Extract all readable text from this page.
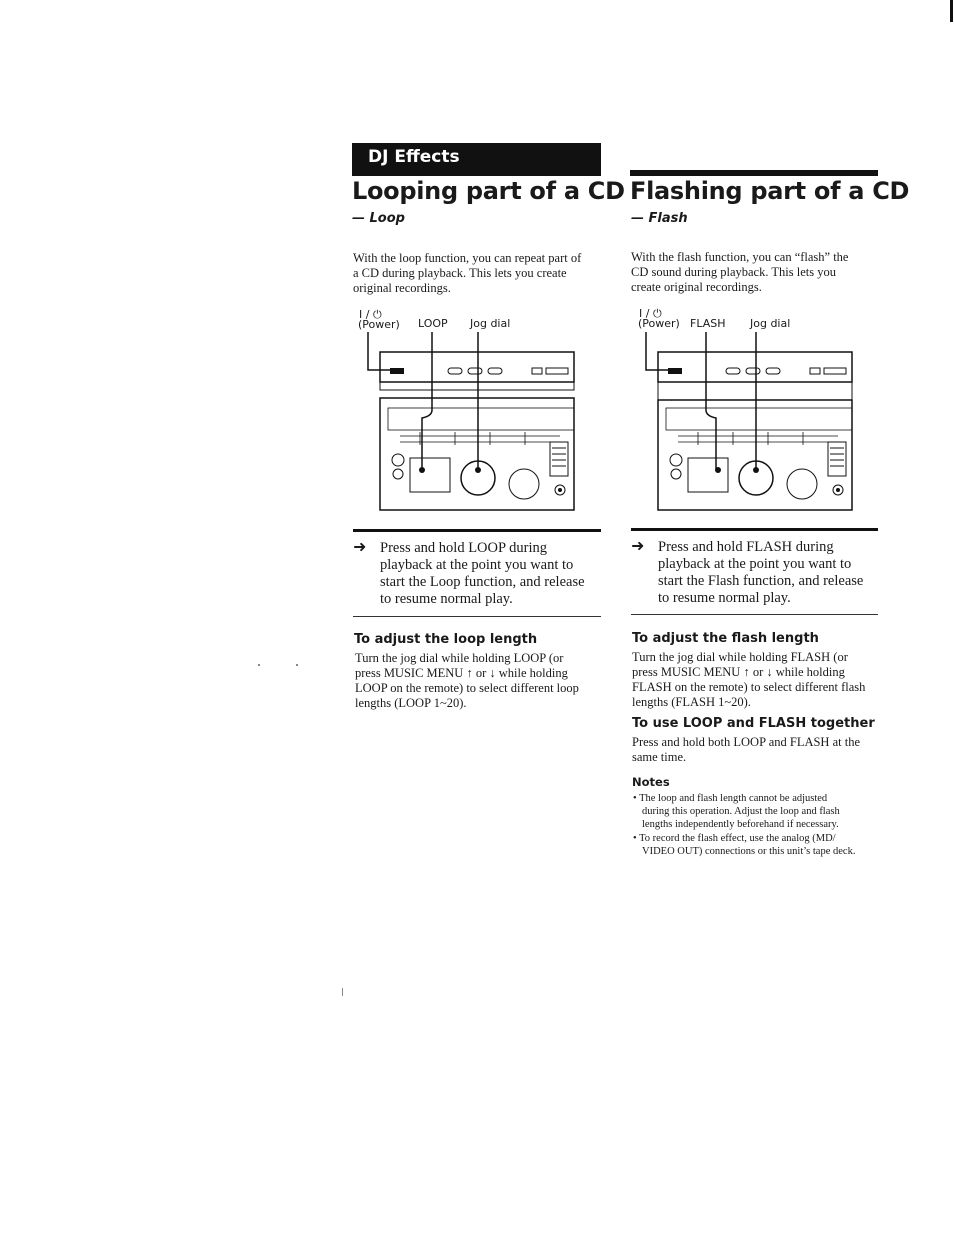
DJ Effects
Looping part of a CD
— Loop
With the loop function, you can repeat part of
a CD during playback. This lets you create
original recordings.
I / ⏻
(Power) LOOP Jog dial
➜ Press and hold LOOP during
playback at the point you want to
start the Loop function, and release
to resume normal play.
To adjust the loop length
Turn the jog dial while holding LOOP (or
press MUSIC MENU ↑ or ↓ while holding
LOOP on the remote) to select different loop
lengths (LOOP 1~20).
Flashing part of a CD
— Flash
With the flash function, you can “flash” the
CD sound during playback. This lets you
create original recordings.
I / ⏻
(Power) FLASH Jog dial
➜ Press and hold FLASH during
playback at the point you want to
start the Flash function, and release
to resume normal play.
To adjust the flash length
Turn the jog dial while holding FLASH (or
press MUSIC MENU ↑ or ↓ while holding
FLASH on the remote) to select different flash
lengths (FLASH 1~20).
To use LOOP and FLASH together
Press and hold both LOOP and FLASH at the
same time.
Notes
• The loop and flash length cannot be adjusted
during this operation. Adjust the loop and flash
lengths independently beforehand if necessary.
• To record the flash effect, use the analog (MD/
VIDEO OUT) connections or this unit’s tape deck.
